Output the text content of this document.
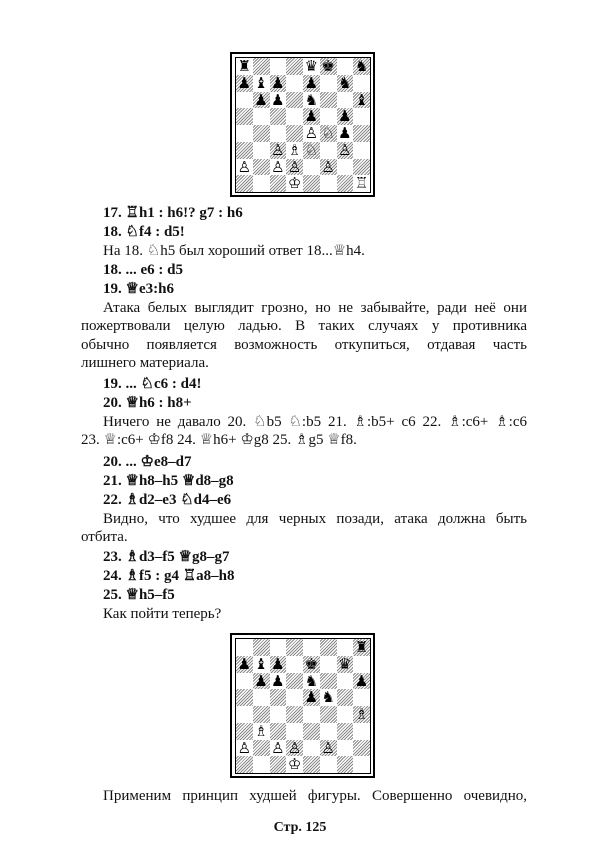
♜	♛ ♚ ♞
♟ ♝ ♟ ♟ ♞
♟ ♟ ♞ ♝
♟ ♟
♙ ♘ ♟
♙ ♗ ♘ ♙
♙ ♙ ♙ ♙
♔	♖
17. ♖h1 : h6!? g7 : h6
18. ♘f4 : d5!
На 18. ♘h5 был хороший ответ 18...♕h4.
18. ... e6 : d5
19. ♕e3:h6
Атака белых выглядит грозно, но не забывайте, ради неё они
пожертвовали целую ладью. В таких случаях у противника
обычно появляется возможность откупиться, отдавая часть
лишнего материала.
19. ... ♘c6 : d4!
20. ♕h6 : h8+
Ничего не давало 20. ♘b5 ♘:b5 21. ♗:b5+ c6 22. ♗:c6+ ♗:c6
23. ♕:c6+ ♔f8 24. ♕h6+ ♔g8 25. ♗g5 ♕f8.
20. ... ♔e8–d7
21. ♕h8–h5 ♕d8–g8
22. ♗d2–e3 ♘d4–e6
Видно, что худшее для черных позади, атака должна быть
отбита.
23. ♗d3–f5 ♕g8–g7
24. ♗f5 : g4 ♖a8–h8
25. ♕h5–f5
Как пойти теперь?
♜
♟ ♝ ♟ ♚ ♛
♟ ♟ ♞ ♟
♟ ♞
♗
♗
♙ ♙ ♙ ♙
♔
Применим принцип худшей фигуры. Совершенно очевидно,
Стр. 125
